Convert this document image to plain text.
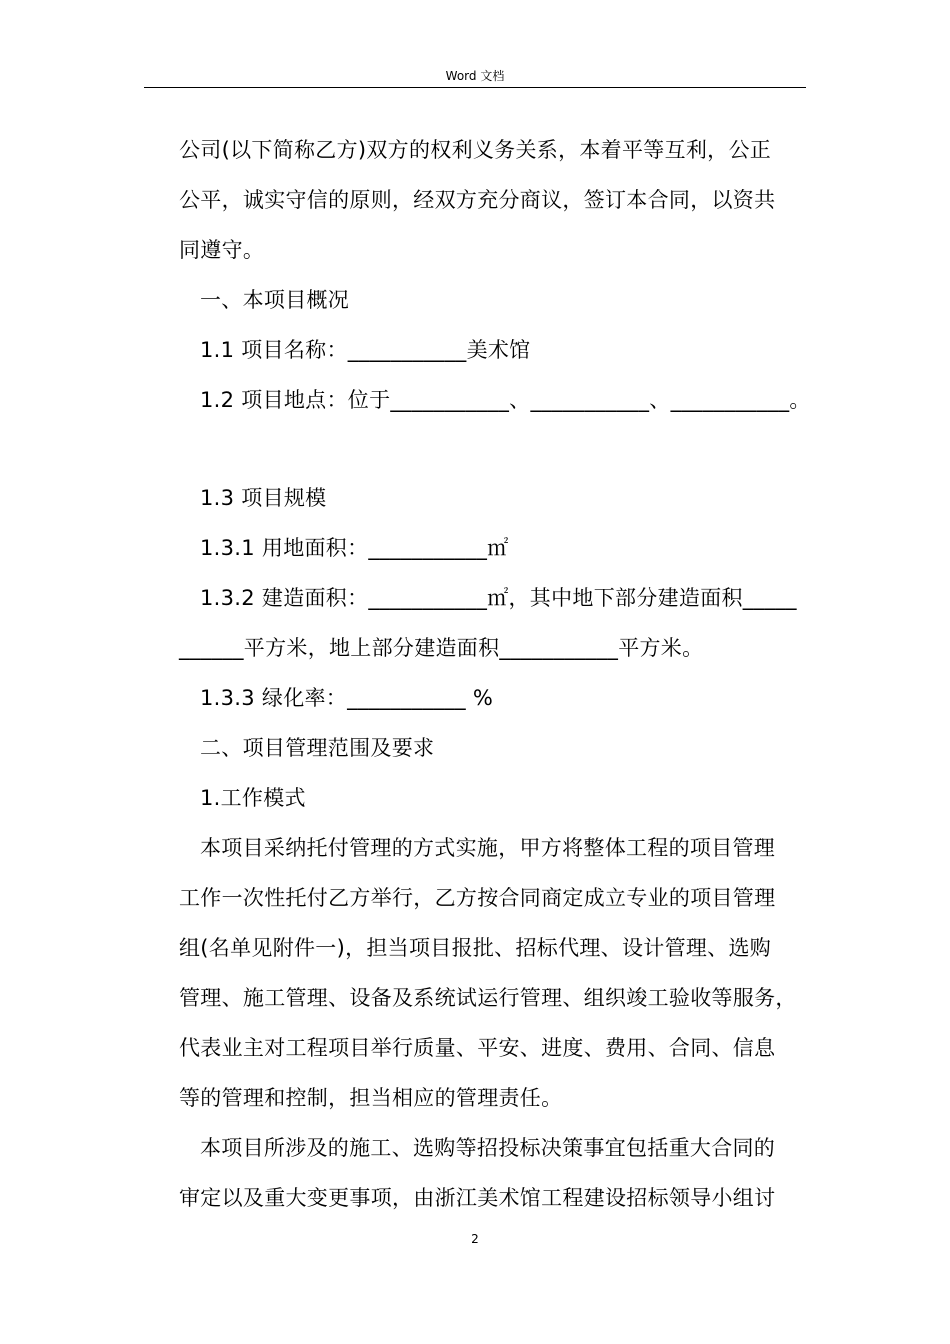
Word 文档
公司(以下简称乙方)双方的权利义务关系，本着平等互利，公正
公平，诚实守信的原则，经双方充分商议，签订本合同，以资共
同遵守。
一、本项目概况
1.1 项目名称：___________美术馆
1.2 项目地点：位于___________、___________、___________。
1.3 项目规模
1.3.1 用地面积：___________㎡
1.3.2 建造面积：___________㎡，其中地下部分建造面积_____
______平方米，地上部分建造面积___________平方米。
1.3.3 绿化率：___________ %
二、项目管理范围及要求
1.工作模式
本项目采纳托付管理的方式实施，甲方将整体工程的项目管理
工作一次性托付乙方举行，乙方按合同商定成立专业的项目管理
组(名单见附件一)，担当项目报批、招标代理、设计管理、选购
管理、施工管理、设备及系统试运行管理、组织竣工验收等服务，
代表业主对工程项目举行质量、平安、进度、费用、合同、信息
等的管理和控制，担当相应的管理责任。
本项目所涉及的施工、选购等招投标决策事宜包括重大合同的
审定以及重大变更事项，由浙江美术馆工程建设招标领导小组讨
2
